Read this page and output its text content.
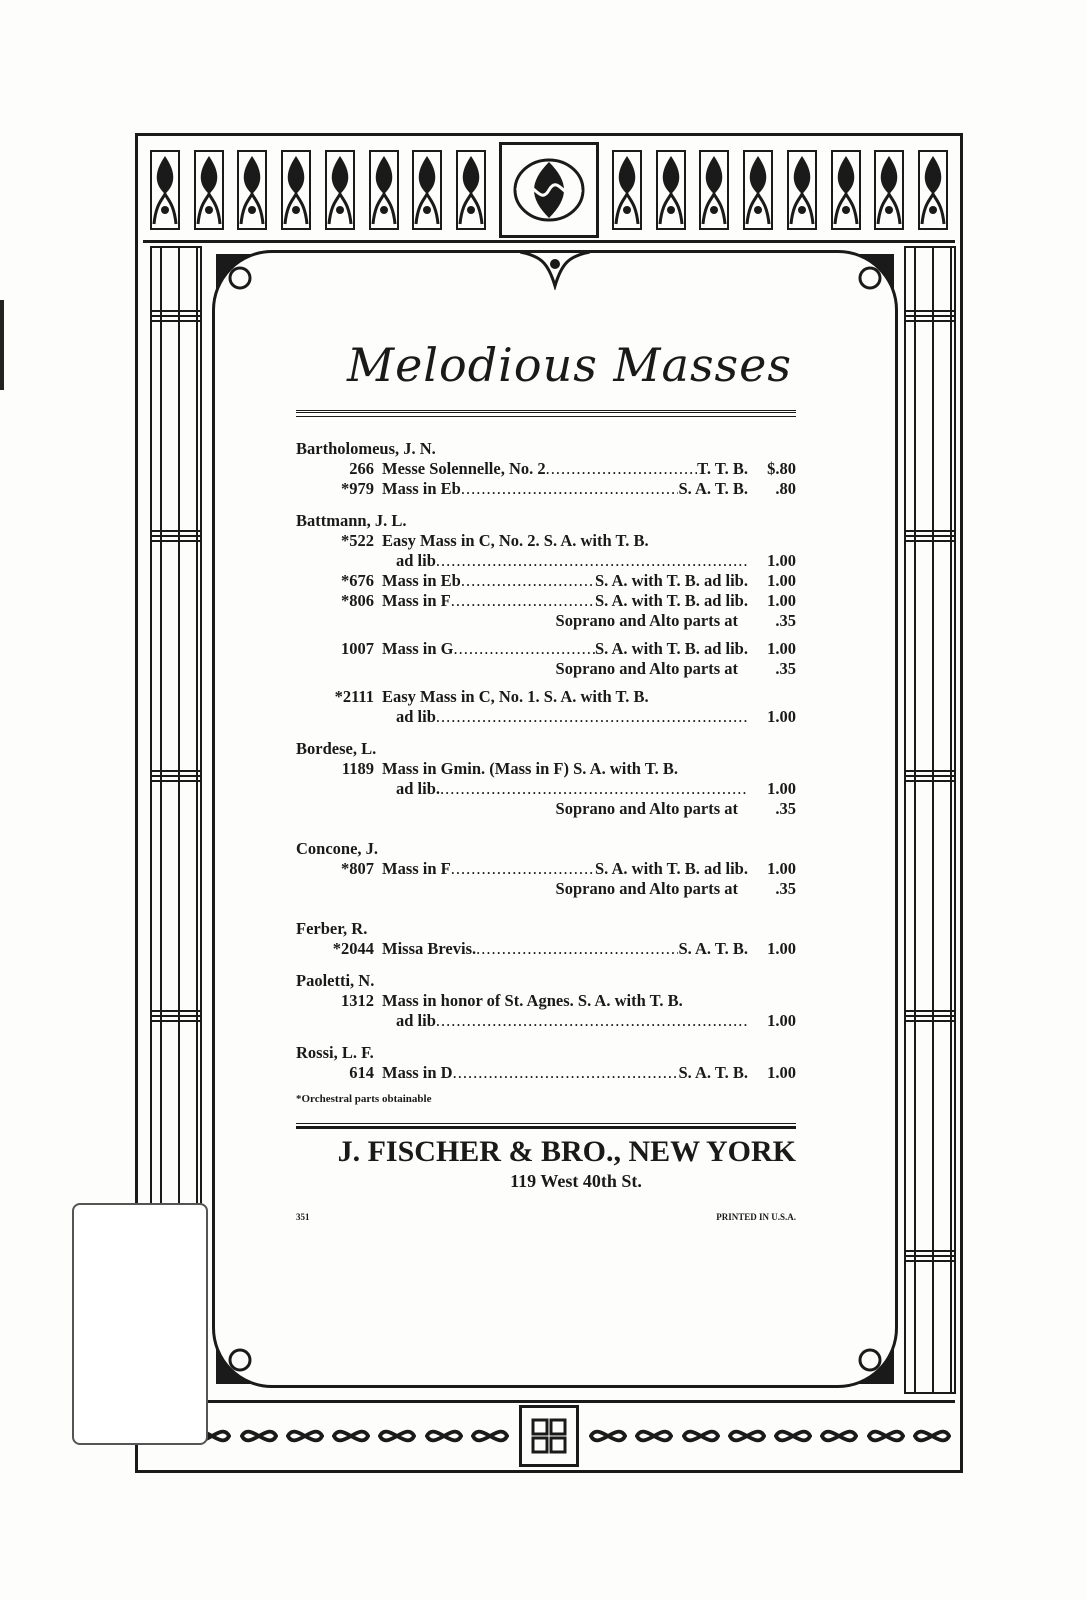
Melodious Masses
Bartholomeus, J. N.
266 Messe Solennelle, No. 2 .....	T. T. B.	$.80
*979 Mass in Eb .....	S. A. T. B.	.80
Battmann, J. L.
*522 Easy Mass in C, No. 2. S. A. with T. B.
ad lib .....	1.00
*676 Mass in Eb .....	S. A. with T. B. ad lib.	1.00
*806 Mass in F .....	S. A. with T. B. ad lib.	1.00
Soprano and Alto parts at	.35
1007 Mass in G .....	S. A. with T. B. ad lib.	1.00
Soprano and Alto parts at	.35
*2111 Easy Mass in C, No. 1. S. A. with T. B.
ad lib .....	1.00
Bordese, L.
1189 Mass in Gmin. (Mass in F) S. A. with T. B.
ad lib. .....	1.00
Soprano and Alto parts at	.35
Concone, J.
*807 Mass in F .....	S. A. with T. B. ad lib.	1.00
Soprano and Alto parts at	.35
Ferber, R.
*2044 Missa Brevis. .....	S. A. T. B.	1.00
Paoletti, N.
1312 Mass in honor of St. Agnes. S. A. with T. B.
ad lib .....	1.00
Rossi, L. F.
614 Mass in D .....	S. A. T. B.	1.00
*Orchestral parts obtainable
J. FISCHER & BRO., NEW YORK
119 West 40th St.
351	PRINTED IN U.S.A.
